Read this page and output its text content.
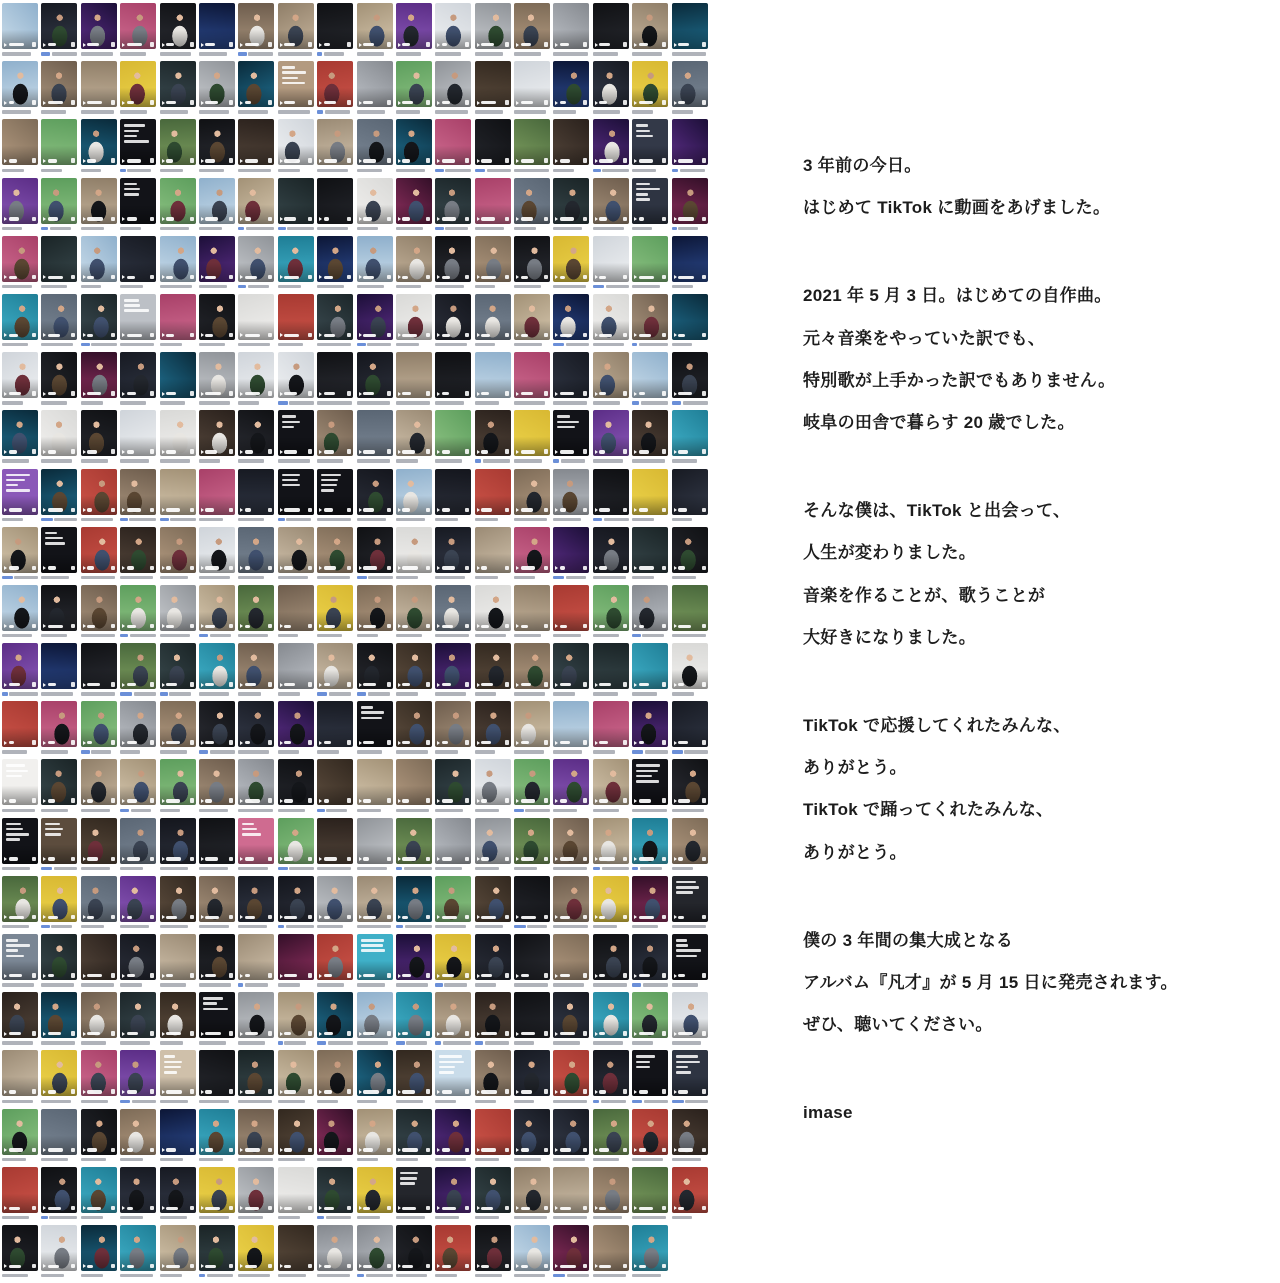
3 年前の今日。
はじめて TikTok に動画をあげました。

2021 年 5 月 3 日。はじめての自作曲。
元々音楽をやっていた訳でも、
特別歌が上手かった訳でもありません。
岐阜の田舎で暮らす 20 歳でした。

そんな僕は、TikTok と出会って、
人生が変わりました。
音楽を作ることが、歌うことが
大好きになりました。

TikTok で応援してくれたみんな、
ありがとう。
TikTok で踊ってくれたみんな、
ありがとう。

僕の 3 年間の集大成となる
アルバム『凡才』が 5 月 15 日に発売されます。
ぜひ、聴いてください。

imase
